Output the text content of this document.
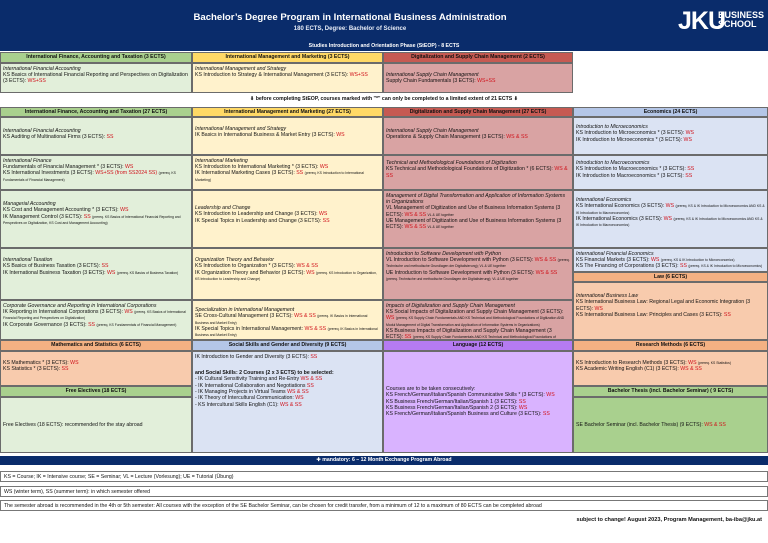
Bachelor’s Degree Program in International Business Administration
180 ECTS, Degree: Bachelor of Science	JKU
BUSINESS
SCHOOL
Studies Introduction and Orientation Phase (StEOP) - 8 ECTS
International Finance, Accounting and Taxation (3 ECTS)	International Management and Marketing (3 ECTS)	Digitalization and Supply Chain Management (2 ECTS)
International Financial Accounting
KS Basics of International Financial Reporting and Perspectives on Digitalization (3 ECTS): WS+SS
International Management and Strategy
KS Introduction to Strategy & International Management (3 ECTS): WS+SS	International Supply Chain Management
Supply Chain Fundamentals (3 ECTS): WS+SS
⬇ before completing StEOP, courses marked with "*" can only be completed to a limited extent of 21 ECTS ⬇
International Finance, Accounting and Taxation (27 ECTS)	International Management and Marketing (27 ECTS)	Digitalization and Supply Chain Management (27 ECTS)	Economics (24 ECTS)
International Financial Accounting
KS Auditing of Multinational Firms (3 ECTS): SS
International Finance
Fundamentals of Financial Management * (3 ECTS): WS
KS International Investments (3 ECTS): WS+SS (from SS2024 SS) (prereq. KS Fundamentals of Financial Management)
Managerial Accounting
KS Cost and Management Accounting * (3 ECTS): WS
IK Management Control (3 ECTS): SS (prereq. KS Basics of International Financial Reporting and Perspectives on Digitalization, KS Cost and Management Accounting)
International Taxation
KS Basics of Business Taxation (3 ECTS): SS
IK International Business Taxation (3 ECTS): WS (prereq. KS Basics of Business Taxation)
Corporate Governance and Reporting in International Corporations
IK Reporting in International Corporations (3 ECTS): WS (prereq. KS Basics of International Financial Reporting and Perspectives on Digitalization)
IK Corporate Governance (3 ECTS): SS (prereq. KS Fundamentals of Financial Management)
International Management and Strategy
IK Basics in International Business & Market Entry (3 ECTS): WS
International Marketing
KS Introduction to International Marketing * (3 ECTS): WS
IK International Marketing Cases (3 ECTS): SS (prereq. KS Introduction to International Marketing)
Leadership and Change
KS Introduction to Leadership and Change (3 ECTS): WS
IK Special Topics in Leadership and Change (3 ECTS): SS
Organization Theory and Behavior
KS Introduction to Organization * (3 ECTS): WS & SS
IK Organization Theory and Behavior (3 ECTS): WS (prereq. KS Introduction to Organization, KS Introduction to Leadership and Change)
Specialization in International Management
SE Cross-Cultural Management (3 ECTS): WS & SS (prereq. IK Basics in International Business and Market Entry)
IK Special Topics in International Management: WS & SS (prereq. IK Basics in International Business and Market Entry)
International Supply Chain Management
Operations & Supply Chain Management (3 ECTS): WS & SS
Technical and Methodological Foundations of Digitization
KS Technical and Methodological Foundations of Digitization * (6 ECTS): WS & SS
Management of Digital Transformation and Application of Information Systems in Organizations
VL Management of Digitization and Use of Business Information Systems (3 ECTS): WS & SS VL & UE together
UE Management of Digitization and Use of Business Information Systems (3 ECTS): WS & SS VL & UE together
Introduction to Software Development with Python
VL Introduction to Software Development with Python (3 ECTS): WS & SS (prereq. Technische und methodische Grundlagen der Digitalisierung); VL & UE together
UE Introduction to Software Development with Python (3 ECTS): WS & SS (prereq. Technische und methodische Grundlagen der Digitalisierung); VL & UE together
Impacts of Digitalization and Supply Chain Management
KS Social Impacts of Digitalization and Supply Chain Management (3 ECTS): WS (prereq. KS Supply Chain Fundamentals AND KS Technical and Methodological Foundations of Digitization AND Modul Management of Digital Transformation and Application of Information Systems in Organizations)
KS Business Impacts of Digitalization and Supply Chain Management (3 ECTS): SS (prereq. KS Supply Chain Fundamentals AND KS Technical and Methodological Foundations of
Introduction to Microeconomics
KS Introduction to Microeconomics * (3 ECTS): WS
IK Introduction to Microeconomics * (3 ECTS): WS
Introduction to Macroeconomics
KS Introduction to Macroeconomics * (3 ECTS): SS
IK Introduction to Macroeconomics * (3 ECTS): SS
International Economics
KS International Economics (3 ECTS): WS (prereq. KS & IK Introduction to Microeconomics AND KS & IK Introduction to Macroeconomics)
IK International Economics (3 ECTS): WS (prereq. KS & IK Introduction to Microeconomics AND KS & IK Introduction to Macroeconomics)
International Financial Economics
KS Financial Markets (3 ECTS): WS (prereq. KS & IK Introduction to Microeconomics)
KS The Financing of Corporations (3 ECTS): SS (prereq. KS & IK Introduction to Microeconomics)
Law (6 ECTS)
International Business Law
KS International Business Law: Regional Legal and Economic Integration (3 ECTS): WS
KS International Business Law: Principles and Cases (3 ECTS): SS
Mathematics and Statistics (6 ECTS)	Social Skills and Gender and Diversity (9 ECTS)	Language (12 ECTS)	Research Methods (6 ECTS)
KS Mathematics * (3 ECTS): WS
KS Statistics * (3 ECTS): SS
Free Electives (18 ECTS)
Free Electives (18 ECTS): recommended for the stay abroad
IK Introduction to Gender and Diversity (3 ECTS): SS
and Social Skills: 2 Courses (2 x 3 ECTS) to be selected:
- IK Cultural Sensitivity Training and Re-Entry WS & SS
- IK International Collaboration and Negotiations SS
- IK Managing Projects in Virtual Teams WS & SS
- IK Theory of Intercultural Communication: WS
- KS Intercultural Skills English (C1): WS & SS
Courses are to be taken consecutively:
KS French/German/Italian/Spanish Communicative Skills * (3 ECTS): WS
KS Business French/German/Italian/Spanish 1 (3 ECTS): SS
KS Business French/German/Italian/Spanish 2 (3 ECTS): WS
KS French/German/Italian/Spanish Business and Culture (3 ECTS): SS
KS Introduction to Research Methods (3 ECTS): WS (prereq. KS Statistics)
KS Academic Writing English (C1) (3 ECTS): WS & SS
Bachelor Thesis (incl. Bachelor Seminar) ( 9 ECTS)
SE Bachelor Seminar (incl. Bachelor Thesis) (9 ECTS): WS & SS
✚ mandatory: 6 – 12 Month Exchange Program Abroad
KS = Course; IK = Intensive course; SE = Seminar; VL = Lecture (Vorlesung); UE = Tutorial (Übung)
WS (winter term), SS (summer term): in which semester offered
The semester abroad is recommended in the 4th or 5th semester: All courses with the exception of the SE Bachelor Seminar, can be chosen for credit transfer, from a minimum of 12 to a maximum of 80 ECTS can be completed abroad
subject to change! August 2023, Program Management, ba-iba@jku.at
